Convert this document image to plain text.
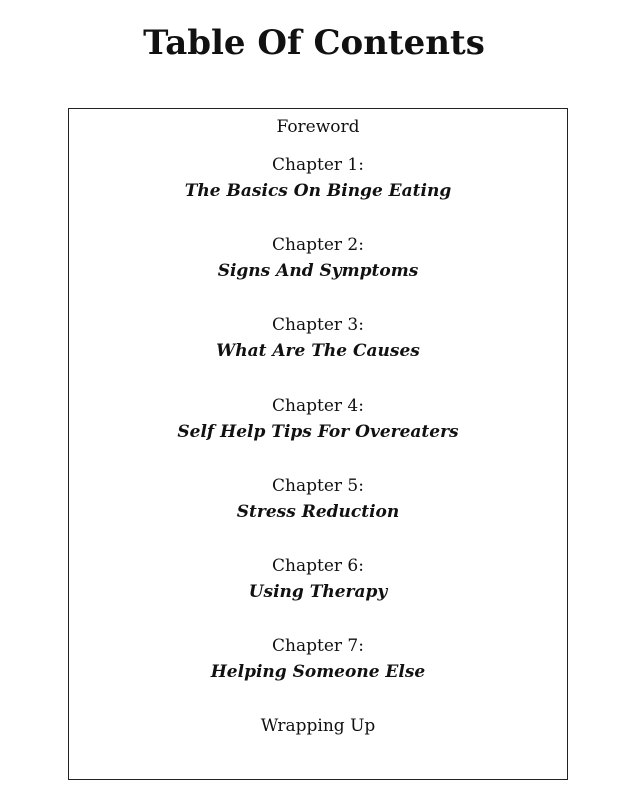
Table Of Contents
Foreword
Chapter 1:
The Basics On Binge Eating
Chapter 2:
Signs And Symptoms
Chapter 3:
What Are The Causes
Chapter 4:
Self Help Tips For Overeaters
Chapter 5:
Stress Reduction
Chapter 6:
Using Therapy
Chapter 7:
Helping Someone Else
Wrapping Up
